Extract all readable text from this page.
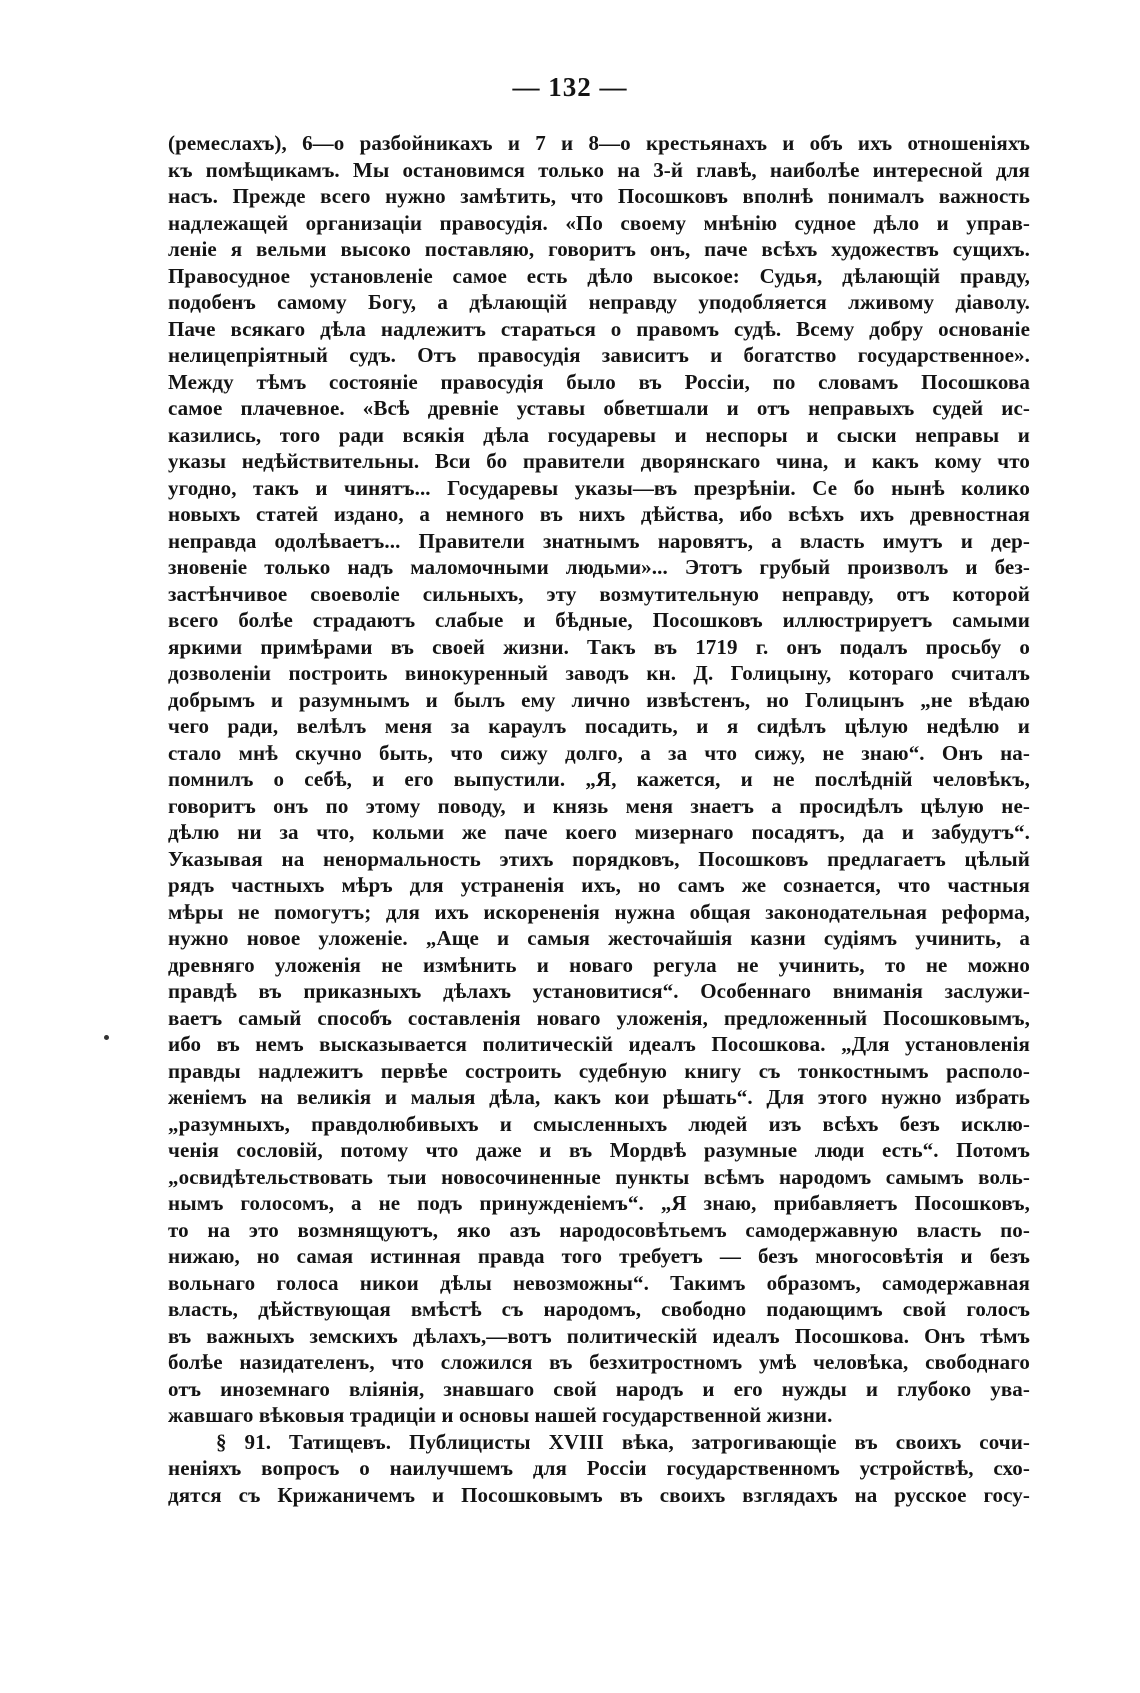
— 132 —
(ремеслахъ), 6—о разбойникахъ и 7 и 8—о крестьянахъ и объ ихъ отношеніяхъ
къ помѣщикамъ. Мы остановимся только на 3-й главѣ, наиболѣе интересной для
насъ. Прежде всего нужно замѣтить, что Посошковъ вполнѣ понималъ важность
надлежащей организаціи правосудія. «По своему мнѣнію судное дѣло и управ-
леніе я вельми высоко поставляю, говоритъ онъ, паче всѣхъ художествъ сущихъ.
Правосудное установленіе самое есть дѣло высокое: Судья, дѣлающій правду,
подобенъ самому Богу, а дѣлающій неправду уподобляется лживому діаволу.
Паче всякаго дѣла надлежитъ стараться о правомъ судѣ. Всему добру основаніе
нелицепріятный судъ. Отъ правосудія зависитъ и богатство государственное».
Между тѣмъ состояніе правосудія было въ Россіи, по словамъ Посошкова
самое плачевное. «Всѣ древніе уставы обветшали и отъ неправыхъ судей ис-
казились, того ради всякія дѣла государевы и неспоры и сыски неправы и
указы недѣйствительны. Вси бо правители дворянскаго чина, и какъ кому что
угодно, такъ и чинятъ... Государевы указы—въ презрѣніи. Се бо нынѣ колико
новыхъ статей издано, а немного въ нихъ дѣйства, ибо всѣхъ ихъ древностная
неправда одолѣваетъ... Правители знатнымъ наровятъ, а власть имутъ и дер-
зновеніе только надъ маломочными людьми»... Этотъ грубый произволъ и без-
застѣнчивое своеволіе сильныхъ, эту возмутительную неправду, отъ которой
всего болѣе страдаютъ слабые и бѣдные, Посошковъ иллюстрируетъ самыми
яркими примѣрами въ своей жизни. Такъ въ 1719 г. онъ подалъ просьбу о
дозволеніи построить винокуренный заводъ кн. Д. Голицыну, котораго считалъ
добрымъ и разумнымъ и былъ ему лично извѣстенъ, но Голицынъ „не вѣдаю
чего ради, велѣлъ меня за караулъ посадить, и я сидѣлъ цѣлую недѣлю и
стало мнѣ скучно быть, что сижу долго, а за что сижу, не знаю“. Онъ на-
помнилъ о себѣ, и его выпустили. „Я, кажется, и не послѣдній человѣкъ,
говоритъ онъ по этому поводу, и князь меня знаетъ а просидѣлъ цѣлую не-
дѣлю ни за что, кольми же паче коего мизернаго посадятъ, да и забудутъ“.
Указывая на ненормальность этихъ порядковъ, Посошковъ предлагаетъ цѣлый
рядъ частныхъ мѣръ для устраненія ихъ, но самъ же сознается, что частныя
мѣры не помогутъ; для ихъ искорененія нужна общая законодательная реформа,
нужно новое уложеніе. „Аще и самыя жесточайшія казни судіямъ учинить, а
древняго уложенія не измѣнить и новаго регула не учинить, то не можно
правдѣ въ приказныхъ дѣлахъ установитися“. Особеннаго вниманія заслужи-
ваетъ самый способъ составленія новаго уложенія, предложенный Посошковымъ,
ибо въ немъ высказывается политическій идеалъ Посошкова. „Для установленія
правды надлежитъ первѣе состроить судебную книгу съ тонкостнымъ располо-
женіемъ на великія и малыя дѣла, какъ кои рѣшать“. Для этого нужно избрать
„разумныхъ, правдолюбивыхъ и смысленныхъ людей изъ всѣхъ безъ исклю-
ченія сословій, потому что даже и въ Мордвѣ разумные люди есть“. Потомъ
„освидѣтельствовать тыи новосочиненные пункты всѣмъ народомъ самымъ воль-
нымъ голосомъ, а не подъ принужденіемъ“. „Я знаю, прибавляетъ Посошковъ,
то на это возмнящуютъ, яко азъ народосовѣтьемъ самодержавную власть по-
нижаю, но самая истинная правда того требуетъ — безъ многосовѣтія и безъ
вольнаго голоса никои дѣлы невозможны“. Такимъ образомъ, самодержавная
власть, дѣйствующая вмѣстѣ съ народомъ, свободно подающимъ свой голосъ
въ важныхъ земскихъ дѣлахъ,—вотъ политическій идеалъ Посошкова. Онъ тѣмъ
болѣе назидателенъ, что сложился въ безхитростномъ умѣ человѣка, свободнаго
отъ иноземнаго вліянія, знавшаго свой народъ и его нужды и глубоко ува-
жавшаго вѣковыя традиціи и основы нашей государственной жизни.
§ 91. Татищевъ. Публицисты XVIII вѣка, затрогивающіе въ своихъ сочи-
неніяхъ вопросъ о наилучшемъ для Россіи государственномъ устройствѣ, схо-
дятся съ Крижаничемъ и Посошковымъ въ своихъ взглядахъ на русское госу-
